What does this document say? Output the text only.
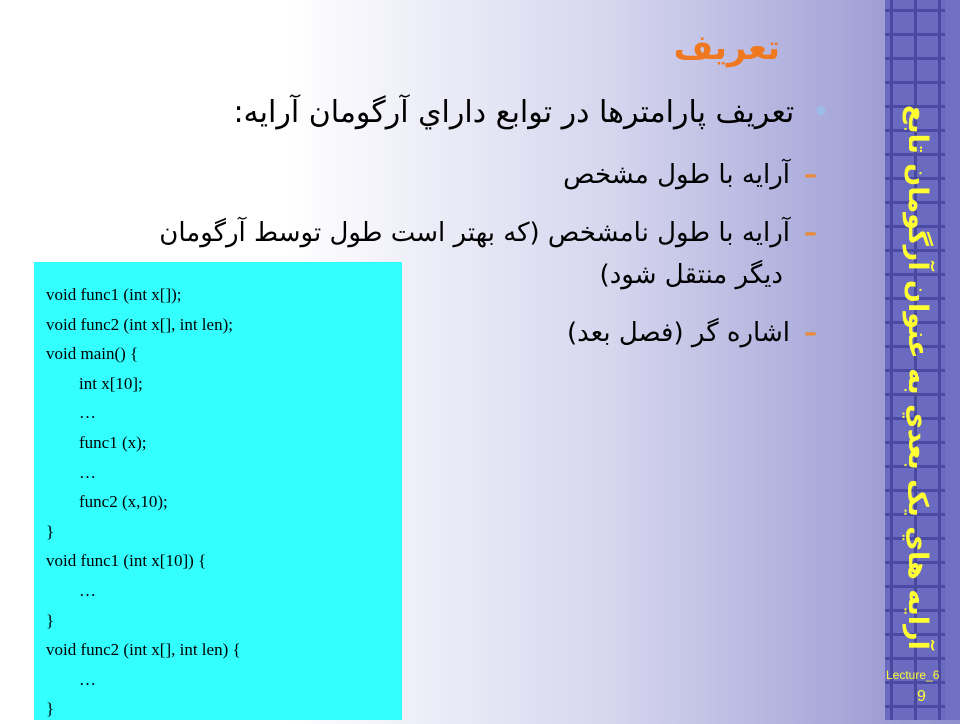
تعریف
•
تعريف پارامترها در توابع داراي آرگومان آرايه:
–آرايه با طول مشخص
–آرايه با طول نامشخص (كه بهتر است طول توسط آرگومان
ديگر منتقل شود)
–اشاره گر (فصل بعد)
void func1 (int x[]);
void func2 (int x[], int len);
void main() {
int x[10];
…
func1 (x);
…
func2 (x,10);
}
void func1 (int x[10]) {
…
}
void func2 (int x[], int len) {
…
}
آرايه هاي يک بعدي به عنوان آرگومان تابع
Lecture_6
9
